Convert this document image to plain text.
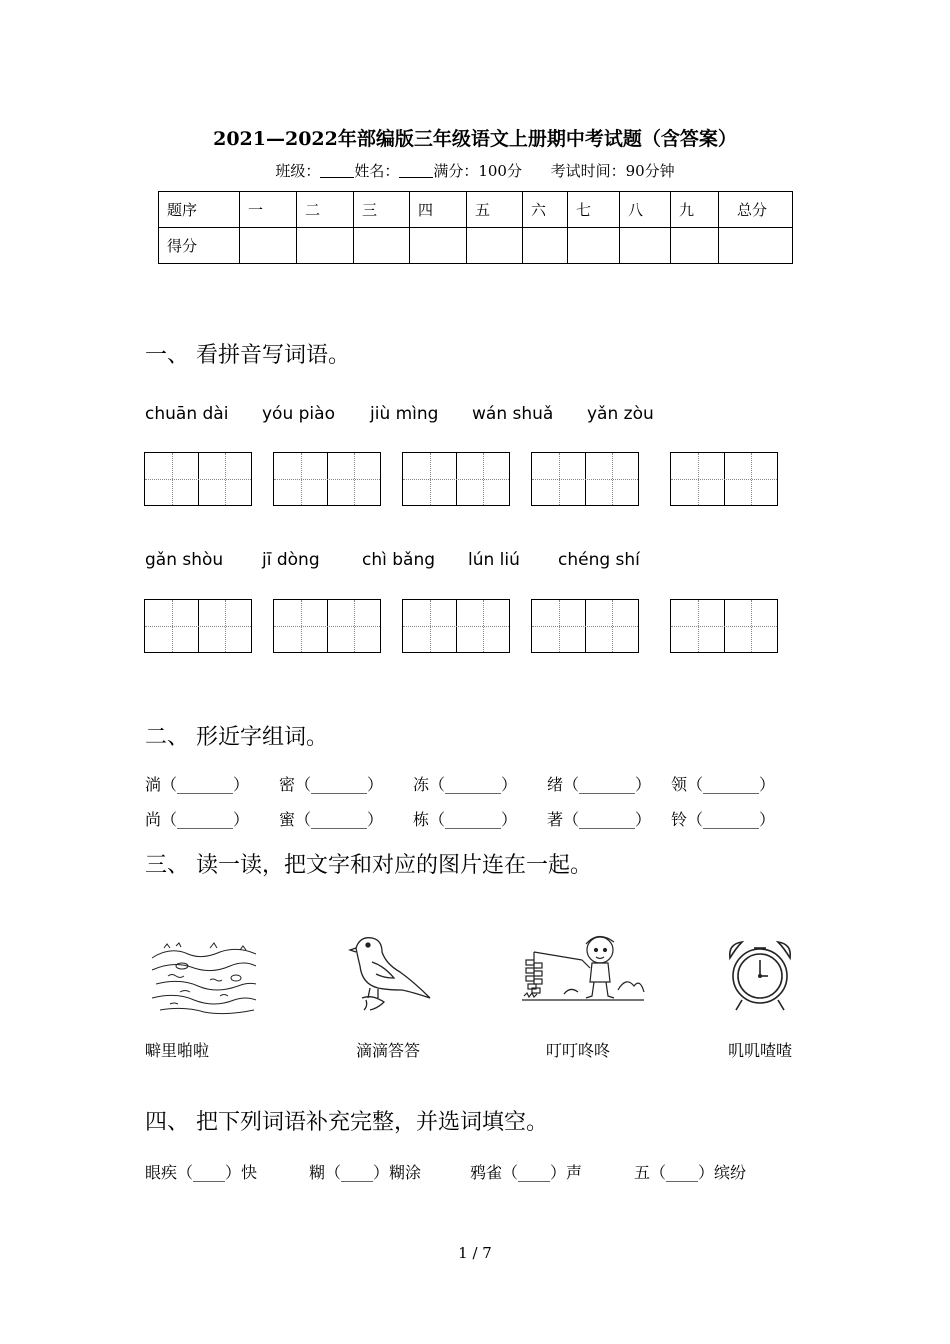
2021—2022年部编版三年级语文上册期中考试题（含答案）
班级： 姓名： 满分：100分 考试时间：90分钟
题序	一	二	三	四	五	六	七	八	九	总分
得分										
一、 看拼音写词语。
chuān dài yóu piào jiù mìng wán shuǎ yǎn zòu
gǎn shòu jī dòng chì bǎng lún liú chéng shí
二、 形近字组词。
淌（_______） 密（_______） 冻（_______） 绪（_______） 领（_______）
尚（_______） 蜜（_______） 栋（_______） 著（_______） 铃（_______）
三、 读一读，把文字和对应的图片连在一起。
噼里啪啦	滴滴答答	叮叮咚咚	叽叽喳喳
四、 把下列词语补充完整，并选词填空。
眼疾（____）快	糊（____）糊涂	鸦雀（____）声	五（____）缤纷
1 / 7
